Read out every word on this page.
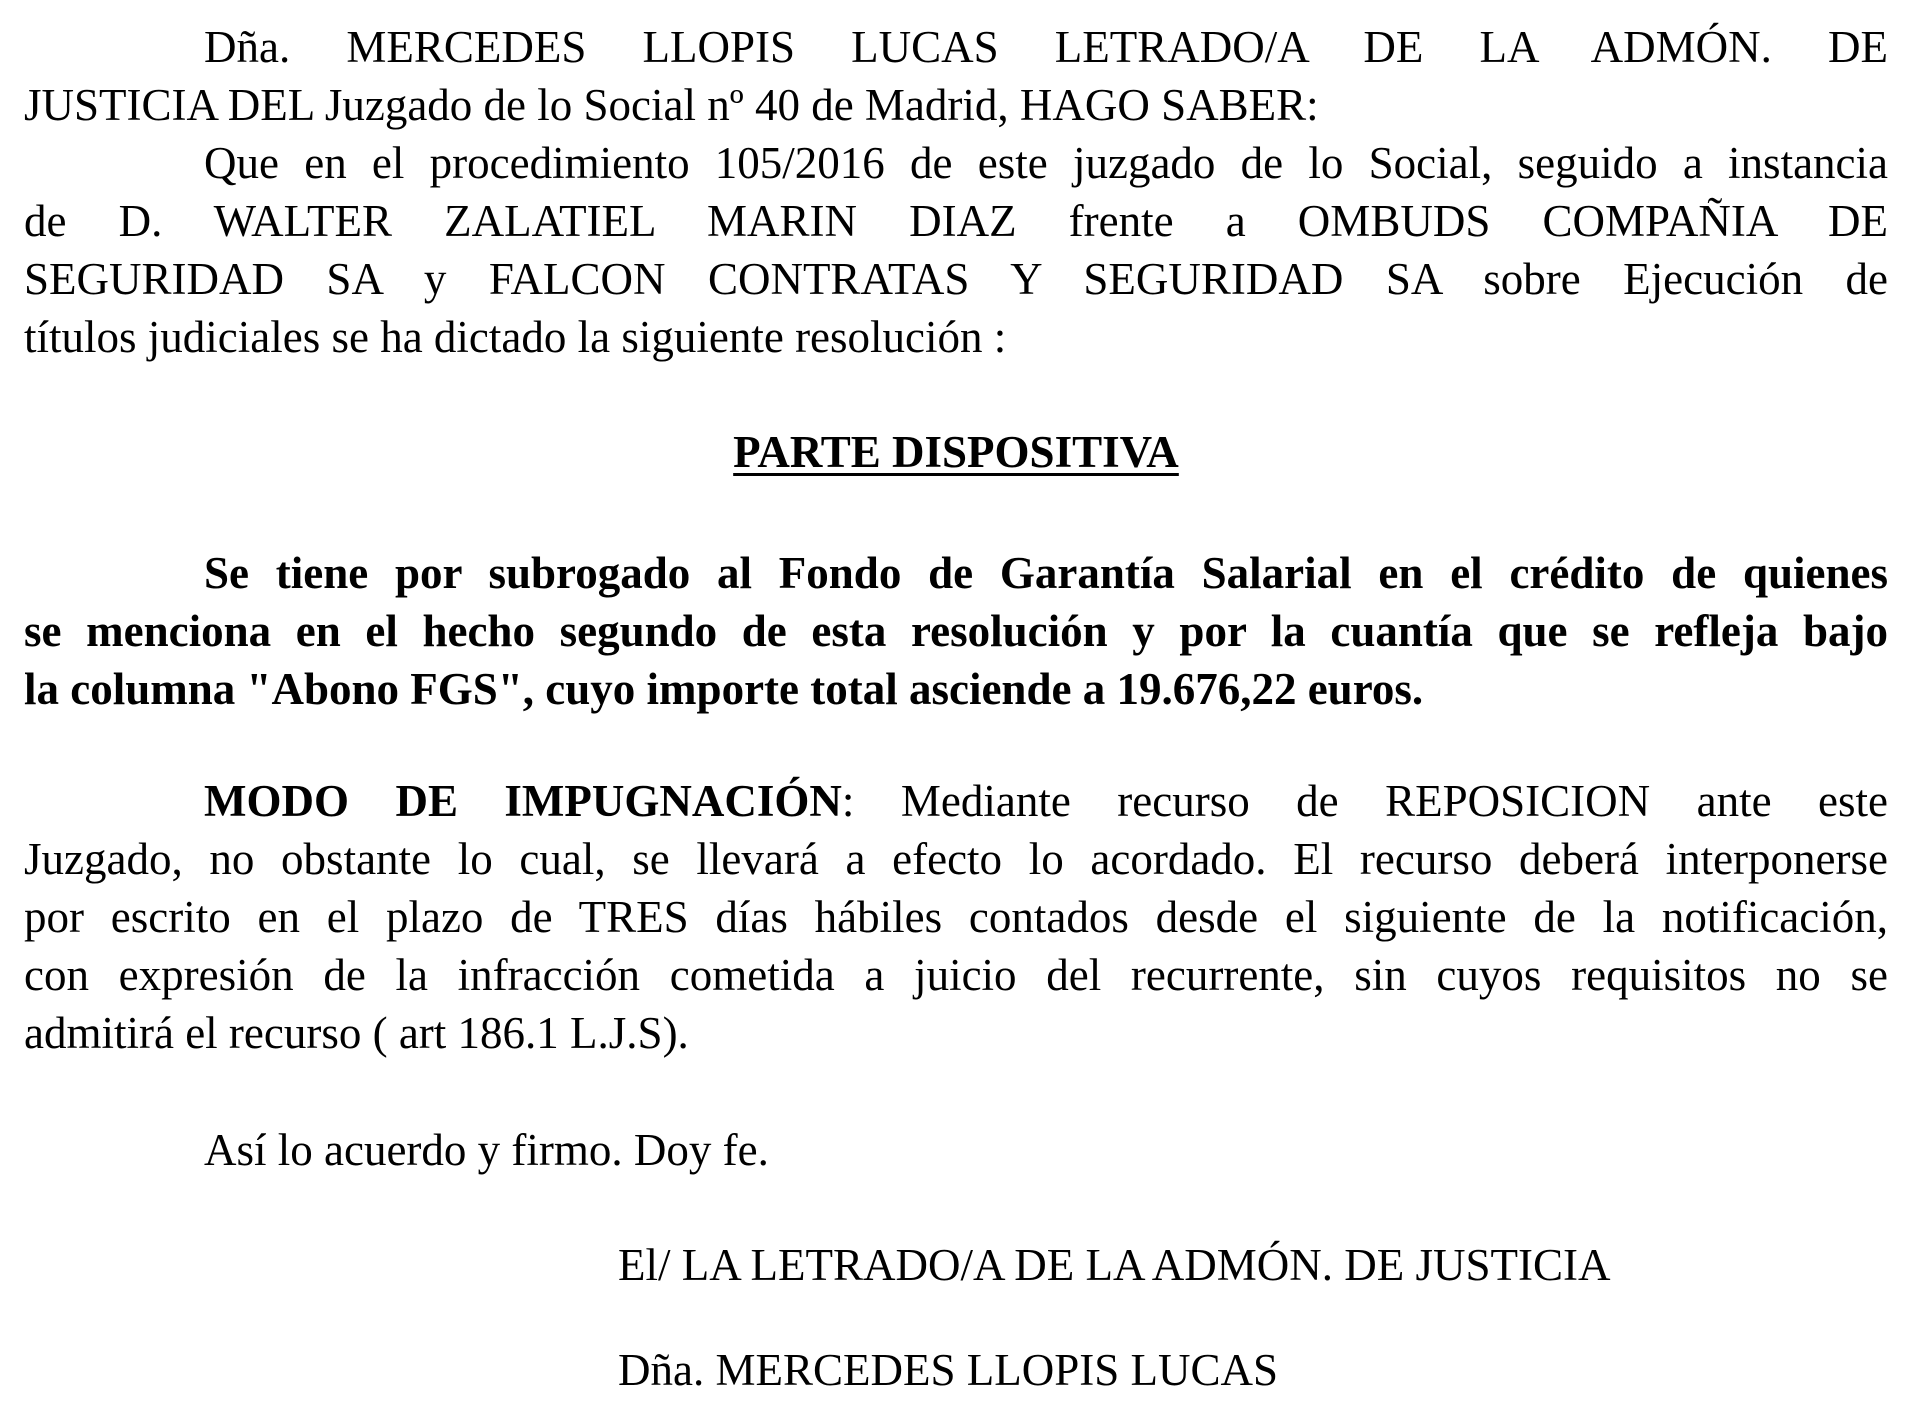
Dña. MERCEDES LLOPIS LUCAS LETRADO/A DE LA ADMÓN. DE
JUSTICIA DEL Juzgado de lo Social nº 40 de Madrid, HAGO SABER:
Que en el procedimiento 105/2016 de este juzgado de lo Social, seguido a instancia
de D. WALTER ZALATIEL MARIN DIAZ frente a OMBUDS COMPAÑIA DE
SEGURIDAD SA y FALCON CONTRATAS Y SEGURIDAD SA sobre Ejecución de
títulos judiciales se ha dictado la siguiente resolución :
PARTE DISPOSITIVA
Se tiene por subrogado al Fondo de Garantía Salarial en el crédito de quienes
se menciona en el hecho segundo de esta resolución y por la cuantía que se refleja bajo
la columna "Abono FGS", cuyo importe total asciende a 19.676,22 euros.
MODO DE IMPUGNACIÓN: Mediante recurso de REPOSICION ante este
Juzgado, no obstante lo cual, se llevará a efecto lo acordado. El recurso deberá interponerse
por escrito en el plazo de TRES días hábiles contados desde el siguiente de la notificación,
con expresión de la infracción cometida a juicio del recurrente, sin cuyos requisitos no se
admitirá el recurso ( art 186.1 L.J.S).
Así lo acuerdo y firmo. Doy fe.
El/ LA LETRADO/A DE LA ADMÓN. DE JUSTICIA
Dña. MERCEDES LLOPIS LUCAS
